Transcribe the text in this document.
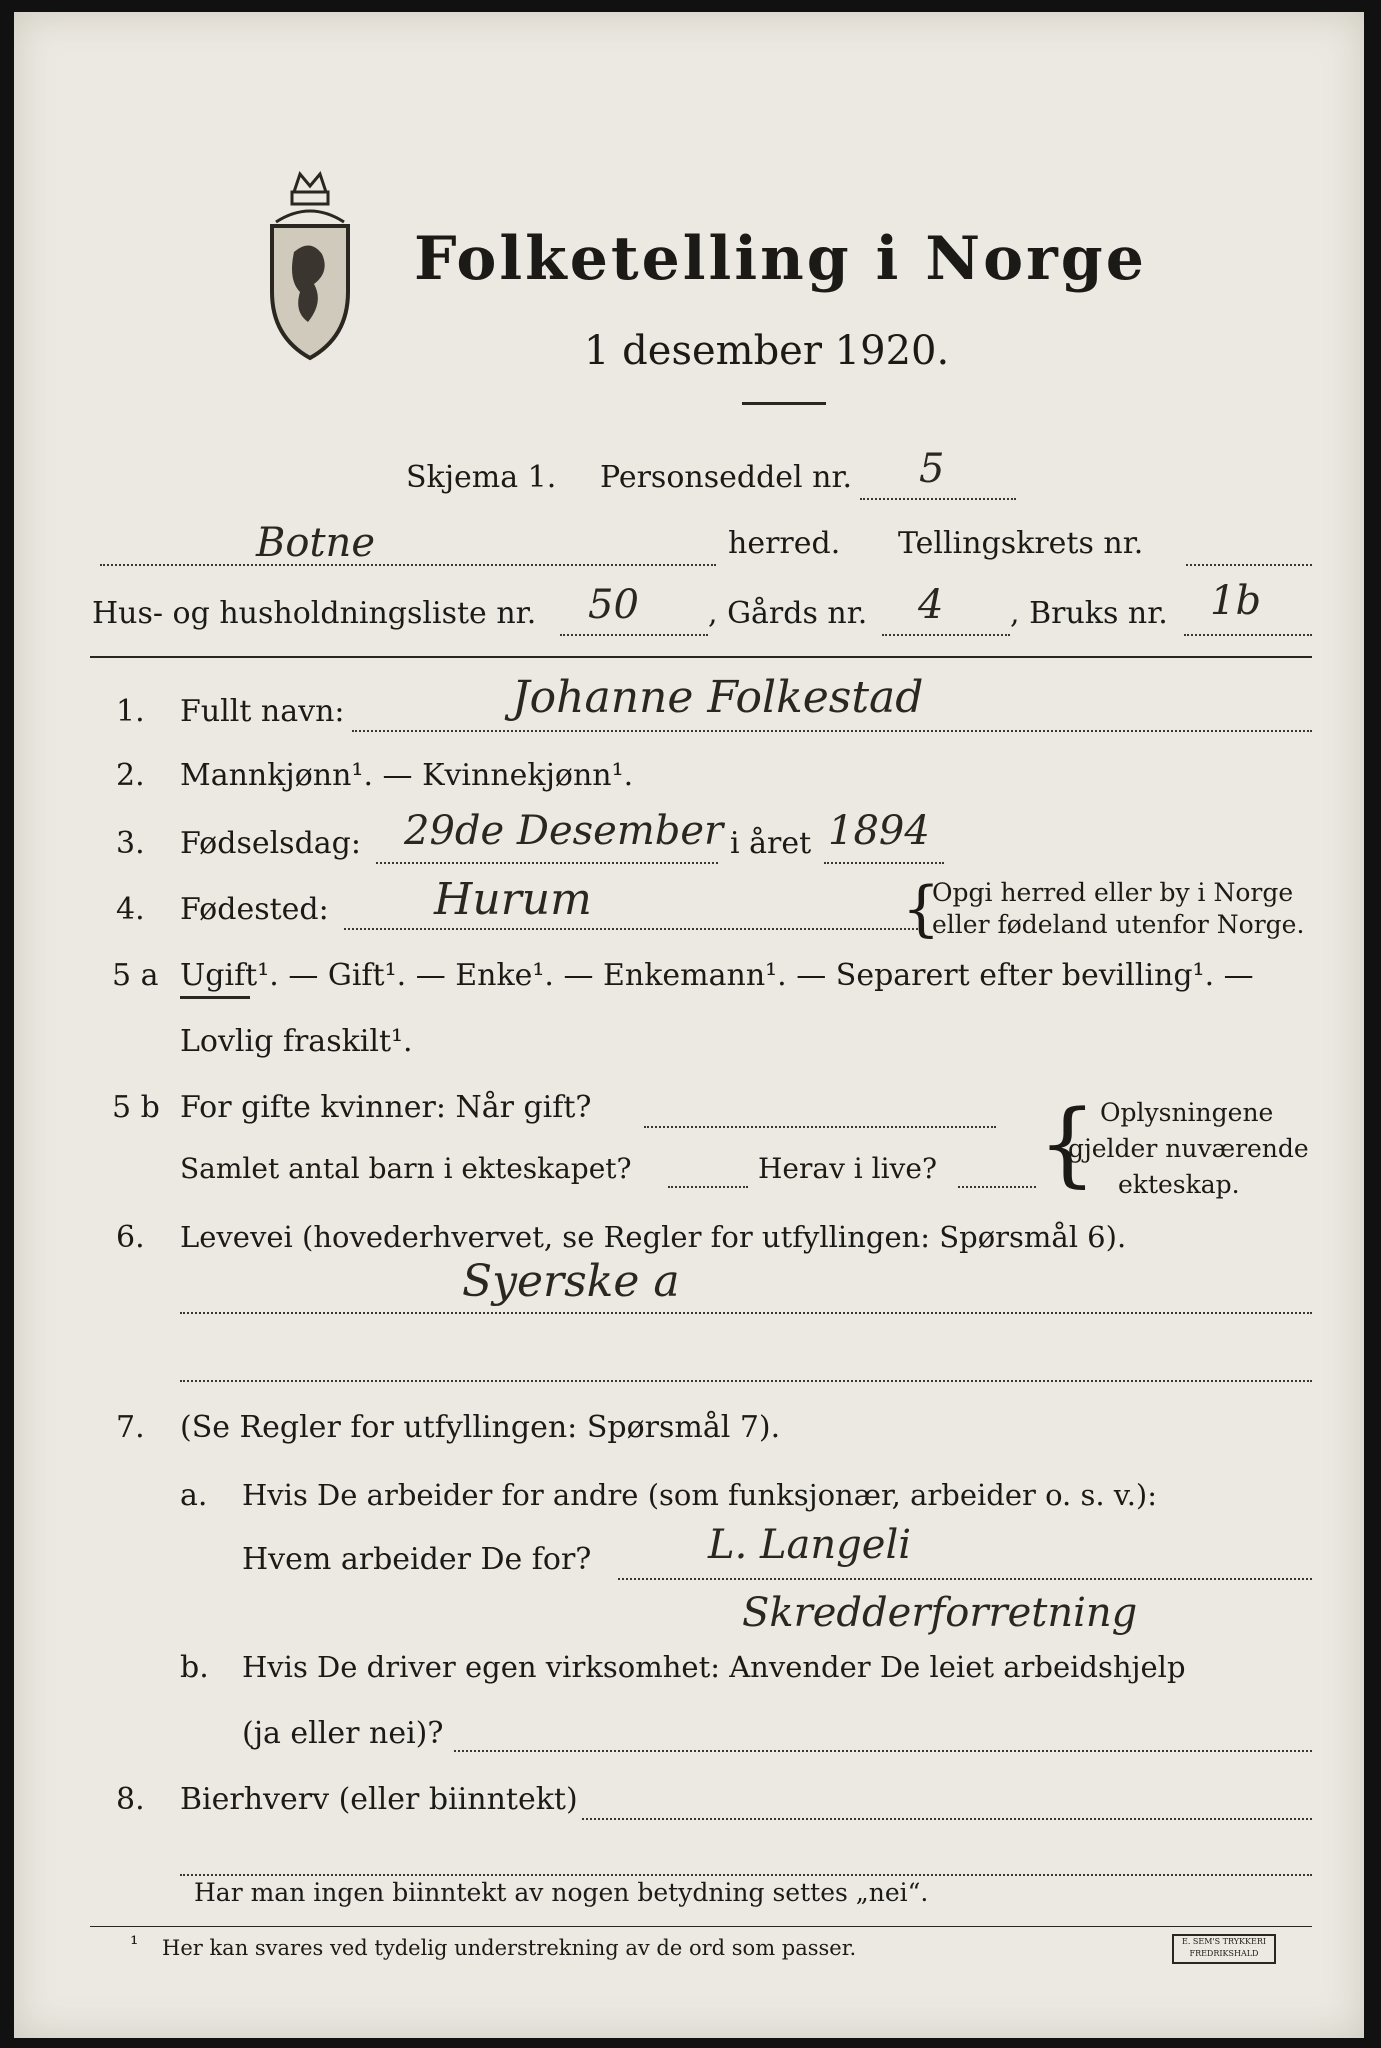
Folketelling i Norge
1 desember 1920.
Skjema 1. Personseddel nr. 5
Botne	herred. Tellingskrets nr.
Hus- og husholdningsliste nr. 50 , Gårds nr. 4 , Bruks nr. 1b
1. Fullt navn:	Johanne Folkestad
2. Mannkjønn¹. — Kvinnekjønn¹.
3. Fødselsdag: 29de Desember i året 1894
4. Fødested: Hurum	{
Opgi herred eller by i Norge
eller fødeland utenfor Norge.
5 a Ugift¹. — Gift¹. — Enke¹. — Enkemann¹. — Separert efter bevilling¹. —
Lovlig fraskilt¹.
5 b For gifte kvinner: Når gift?
Samlet antal barn i ekteskapet?	Herav i live? { Oplysningene
gjelder nuværende
ekteskap.
6. Levevei (hovederhvervet, se Regler for utfyllingen: Spørsmål 6).
Syerske a
7. (Se Regler for utfyllingen: Spørsmål 7).
a. Hvis De arbeider for andre (som funksjonær, arbeider o. s. v.):
Hvem arbeider De for?	L. Langeli
Skredderforretning
b. Hvis De driver egen virksomhet: Anvender De leiet arbeidshjelp
(ja eller nei)?
8. Bierhverv (eller biinntekt)
Har man ingen biinntekt av nogen betydning settes „nei“.
¹ Her kan svares ved tydelig understrekning av de ord som passer.	E. SEM'S TRYKKERI FREDRIKSHALD
